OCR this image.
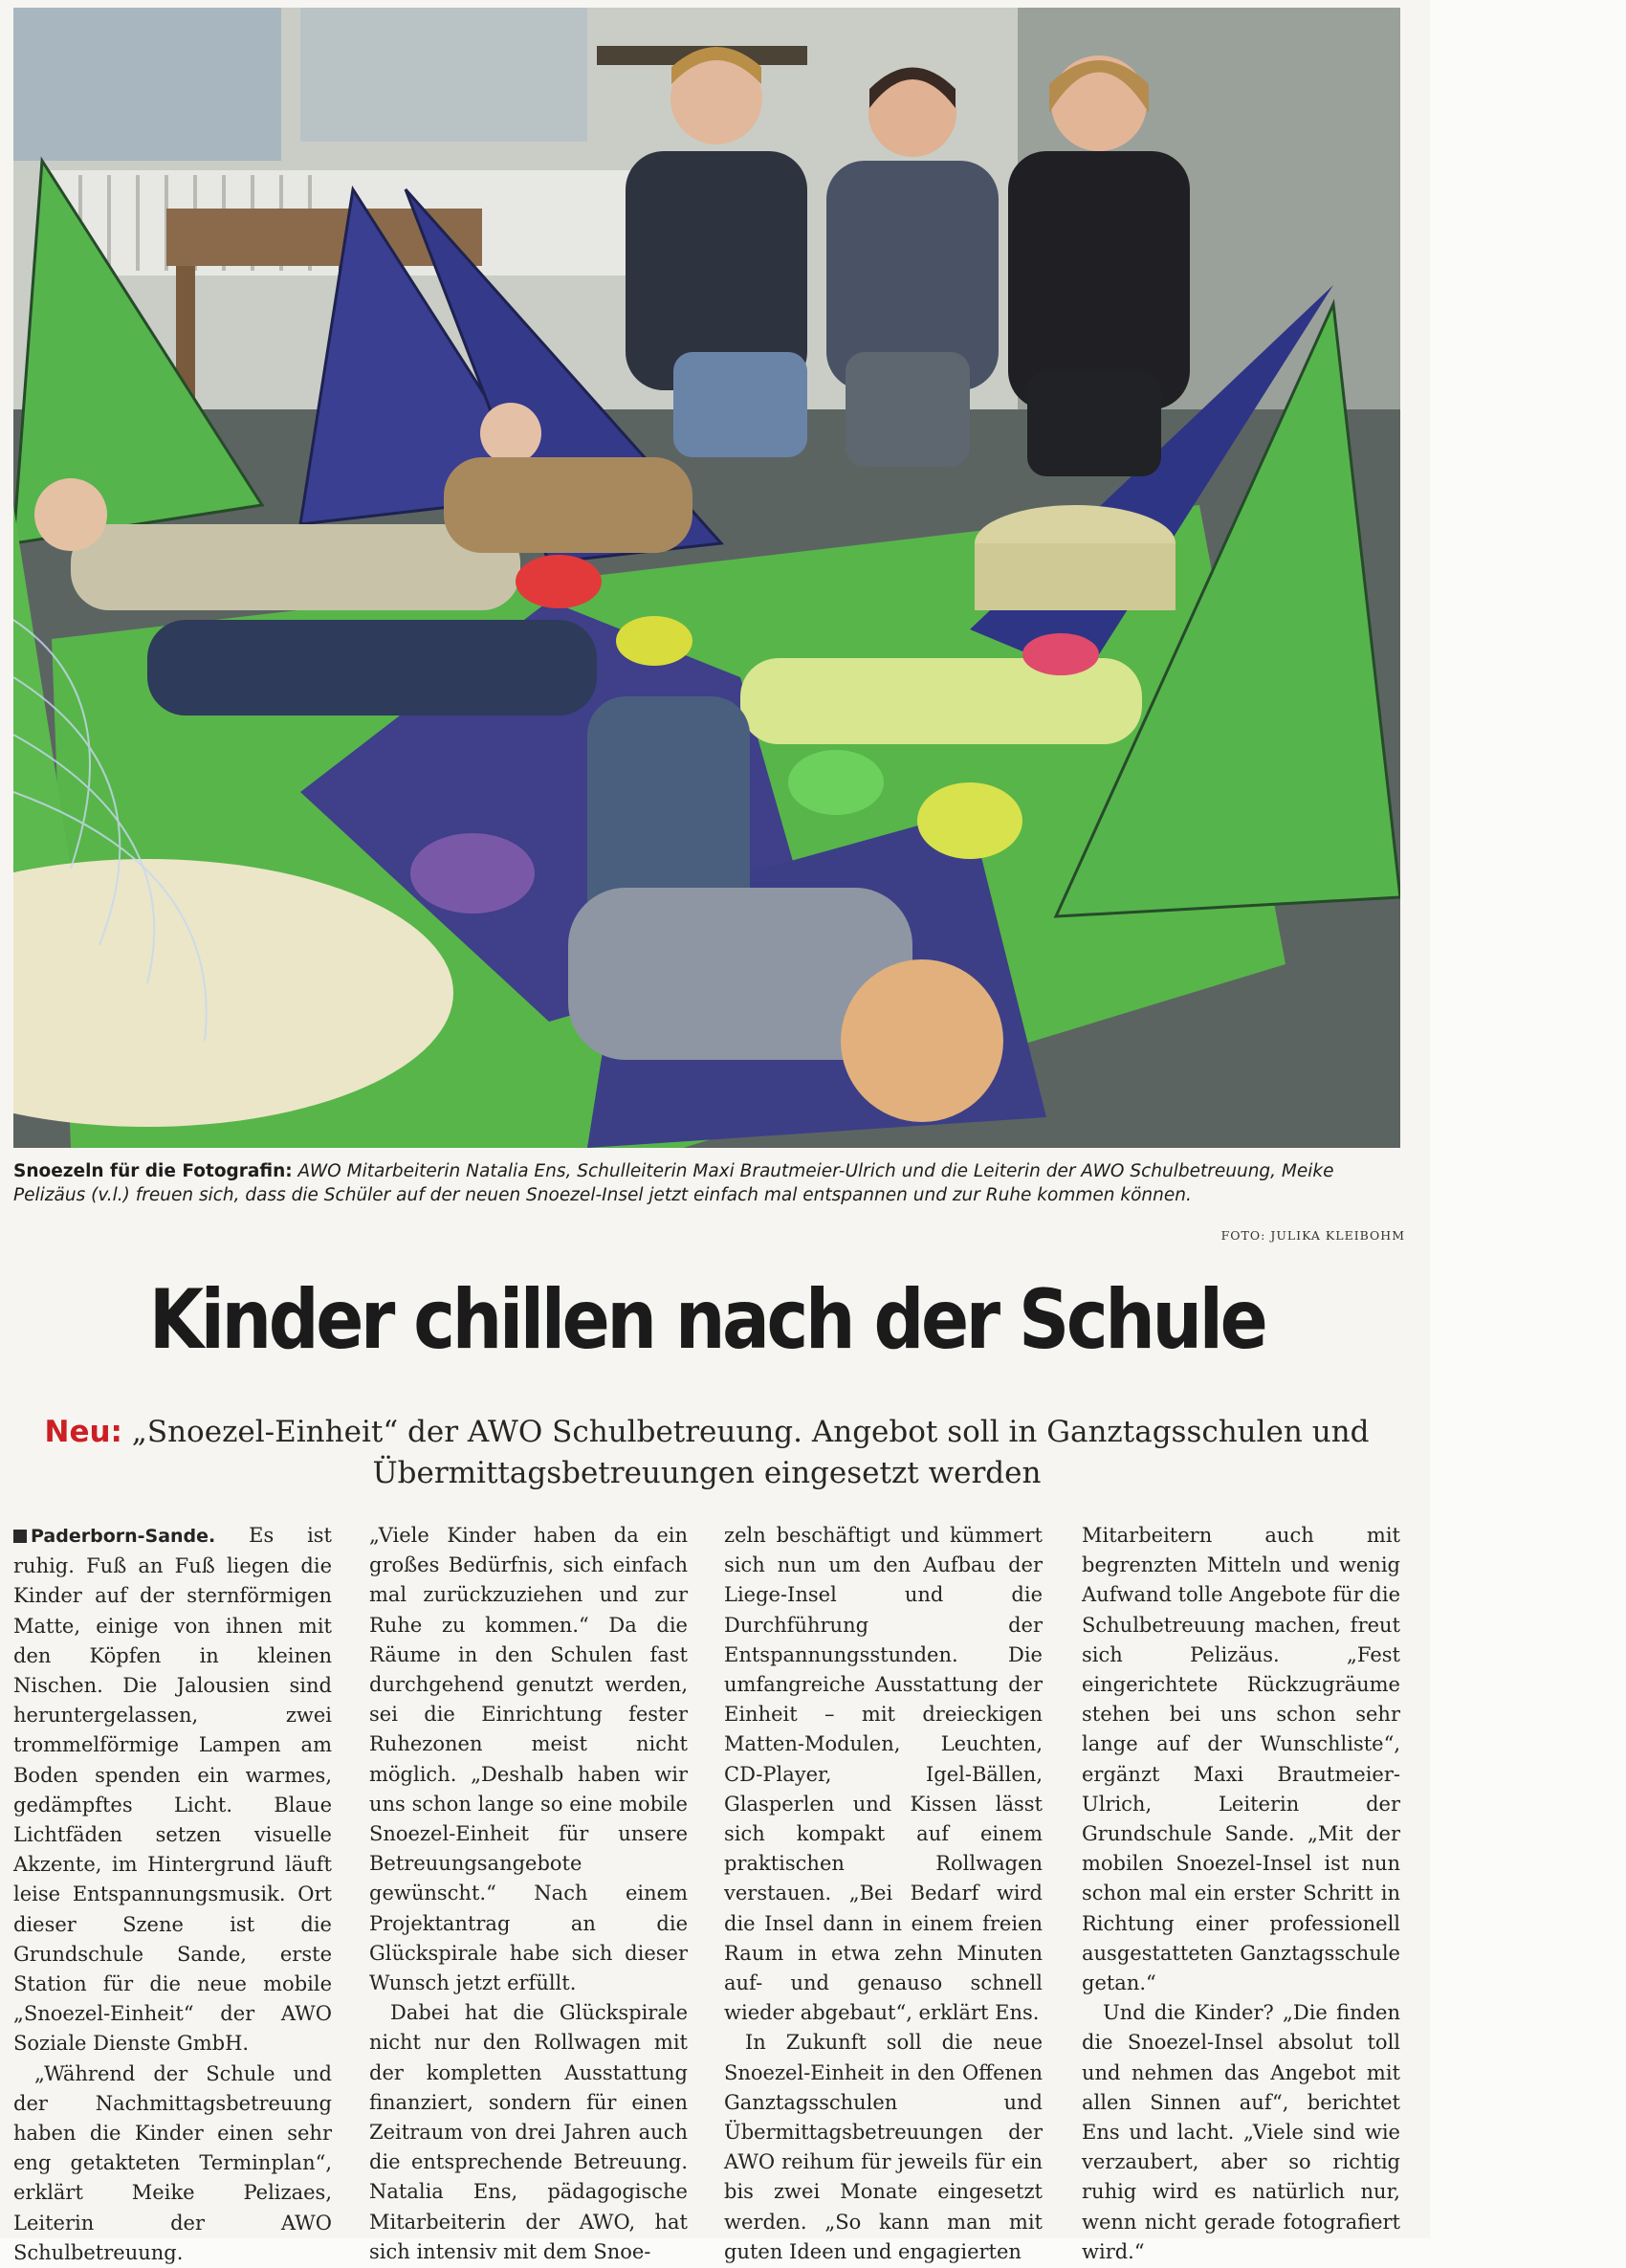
Snoezeln für die Fotografin: AWO Mitarbeiterin Natalia Ens, Schulleiterin Maxi Brautmeier-Ulrich und die Leiterin der AWO Schulbetreuung, Meike Pelizäus (v.l.) freuen sich, dass die Schüler auf der neuen Snoezel-Insel jetzt einfach mal entspannen und zur Ruhe kommen können.
FOTO: JULIKA KLEIBOHM
Kinder chillen nach der Schule
Neu: „Snoezel-Einheit“ der AWO Schulbetreuung. Angebot soll in Ganztagsschulen und Übermittagsbetreuungen eingesetzt werden

Paderborn-Sande. Es ist ruhig. Fuß an Fuß liegen die Kinder auf der sternförmigen Matte, einige von ihnen mit den Köpfen in kleinen Nischen. Die Jalousien sind heruntergelassen, zwei trommelförmige Lampen am Boden spenden ein warmes, gedämpftes Licht. Blaue Lichtfäden setzen visuelle Akzente, im Hintergrund läuft leise Entspannungsmusik. Ort dieser Szene ist die Grundschule Sande, erste Station für die neue mobile „Snoezel-Einheit“ der AWO Soziale Dienste GmbH.

„Während der Schule und der Nachmittagsbetreuung haben die Kinder einen sehr eng getakteten Terminplan“, erklärt Meike Pelizaes, Leiterin der AWO Schulbetreuung.

„Viele Kinder haben da ein großes Bedürfnis, sich einfach mal zurückzuziehen und zur Ruhe zu kommen.“ Da die Räume in den Schulen fast durchgehend genutzt werden, sei die Einrichtung fester Ruhezonen meist nicht möglich. „Deshalb haben wir uns schon lange so eine mobile Snoezel-Einheit für unsere Betreuungsangebote gewünscht.“ Nach einem Projektantrag an die Glückspirale habe sich dieser Wunsch jetzt erfüllt.

Dabei hat die Glückspirale nicht nur den Rollwagen mit der kompletten Ausstattung finanziert, sondern für einen Zeitraum von drei Jahren auch die entsprechende Betreuung. Natalia Ens, pädagogische Mitarbeiterin der AWO, hat sich intensiv mit dem Snoe-

zeln beschäftigt und kümmert sich nun um den Aufbau der Liege-Insel und die Durchführung der Entspannungsstunden. Die umfangreiche Ausstattung der Einheit – mit dreieckigen Matten-Modulen, Leuchten, CD-Player, Igel-Bällen, Glasperlen und Kissen lässt sich kompakt auf einem praktischen Rollwagen verstauen. „Bei Bedarf wird die Insel dann in einem freien Raum in etwa zehn Minuten auf- und genauso schnell wieder abgebaut“, erklärt Ens.

In Zukunft soll die neue Snoezel-Einheit in den Offenen Ganztagsschulen und Übermittagsbetreuungen der AWO reihum für jeweils für ein bis zwei Monate eingesetzt werden. „So kann man mit guten Ideen und engagierten

Mitarbeitern auch mit begrenzten Mitteln und wenig Aufwand tolle Angebote für die Schulbetreuung machen, freut sich Pelizäus. „Fest eingerichtete Rückzugräume stehen bei uns schon sehr lange auf der Wunschliste“, ergänzt Maxi Brautmeier-Ulrich, Leiterin der Grundschule Sande. „Mit der mobilen Snoezel-Insel ist nun schon mal ein erster Schritt in Richtung einer professionell ausgestatteten Ganztagsschule getan.“

Und die Kinder? „Die finden die Snoezel-Insel absolut toll und nehmen das Angebot mit allen Sinnen auf“, berichtet Ens und lacht. „Viele sind wie verzaubert, aber so richtig ruhig wird es natürlich nur, wenn nicht gerade fotografiert wird.“
